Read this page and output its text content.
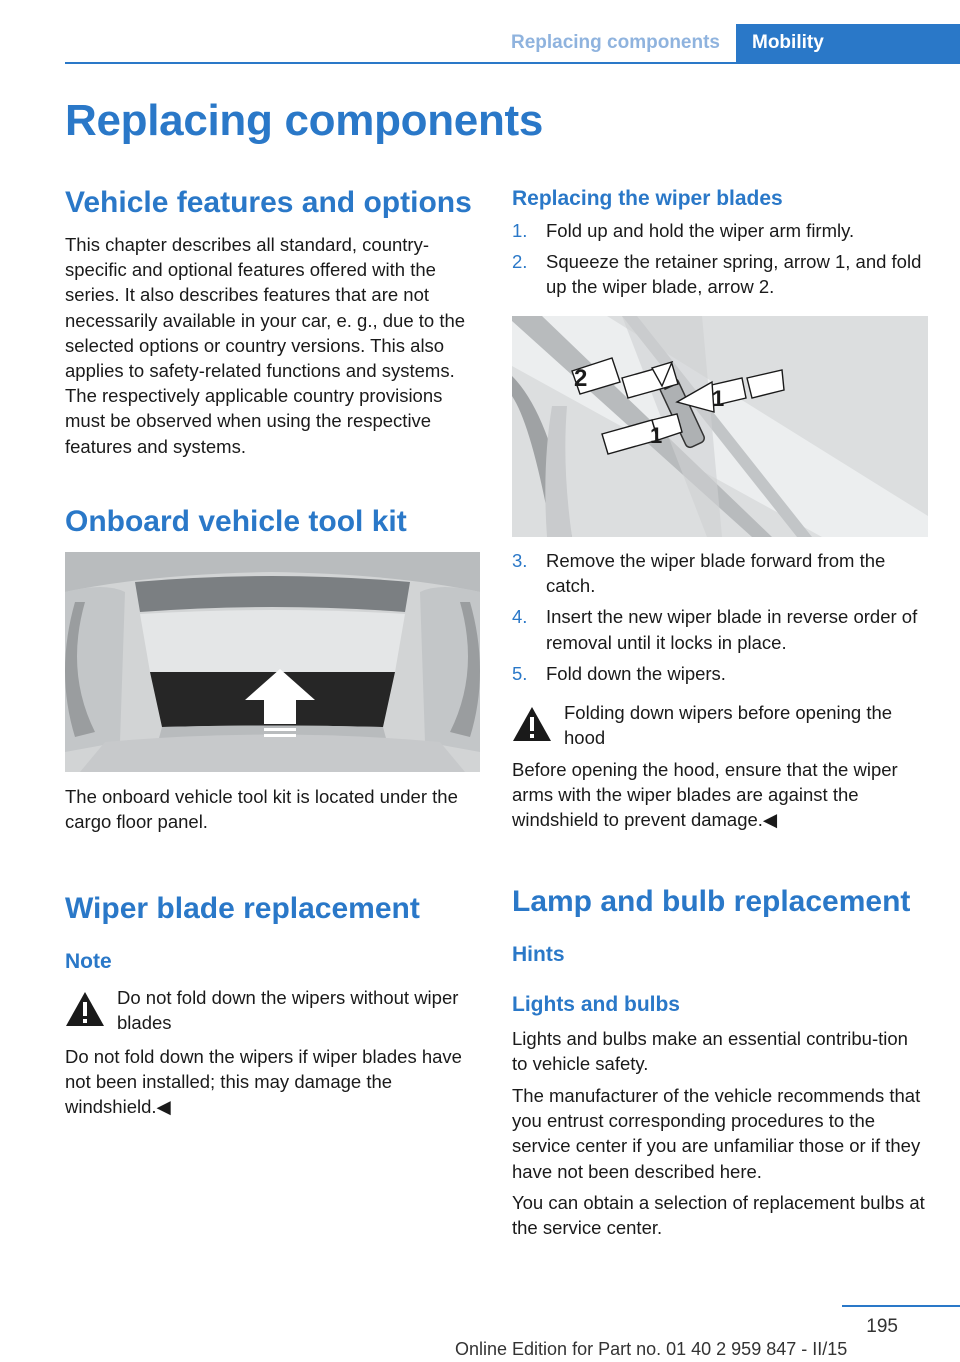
Replacing components	Mobility
Replacing components
Vehicle features and options

This chapter describes all standard, country-specific and optional features offered with the series. It also describes features that are not necessarily available in your car, e. g., due to the selected options or country versions. This also applies to safety-related functions and systems. The respectively applicable country provisions must be observed when using the respective features and systems.

Onboard vehicle tool kit

The onboard vehicle tool kit is located under the cargo floor panel.

Wiper blade replacement
Note

Do not fold down the wipers without wiper blades

Do not fold down the wipers if wiper blades have not been installed; this may damage the windshield.◀

Replacing the wiper blades
1. Fold up and hold the wiper arm firmly.
2. Squeeze the retainer spring, arrow 1, and fold up the wiper blade, arrow 2.
2
1
1
3. Remove the wiper blade forward from the catch.
4. Insert the new wiper blade in reverse order of removal until it locks in place.
5. Fold down the wipers.

Folding down wipers before opening the hood

Before opening the hood, ensure that the wiper arms with the wiper blades are against the windshield to prevent damage.◀

Lamp and bulb replacement
Hints
Lights and bulbs

Lights and bulbs make an essential contribu-tion to vehicle safety.

The manufacturer of the vehicle recommends that you entrust corresponding procedures to the service center if you are unfamiliar those or if they have not been described here.

You can obtain a selection of replacement bulbs at the service center.

195
Online Edition for Part no. 01 40 2 959 847 - II/15
